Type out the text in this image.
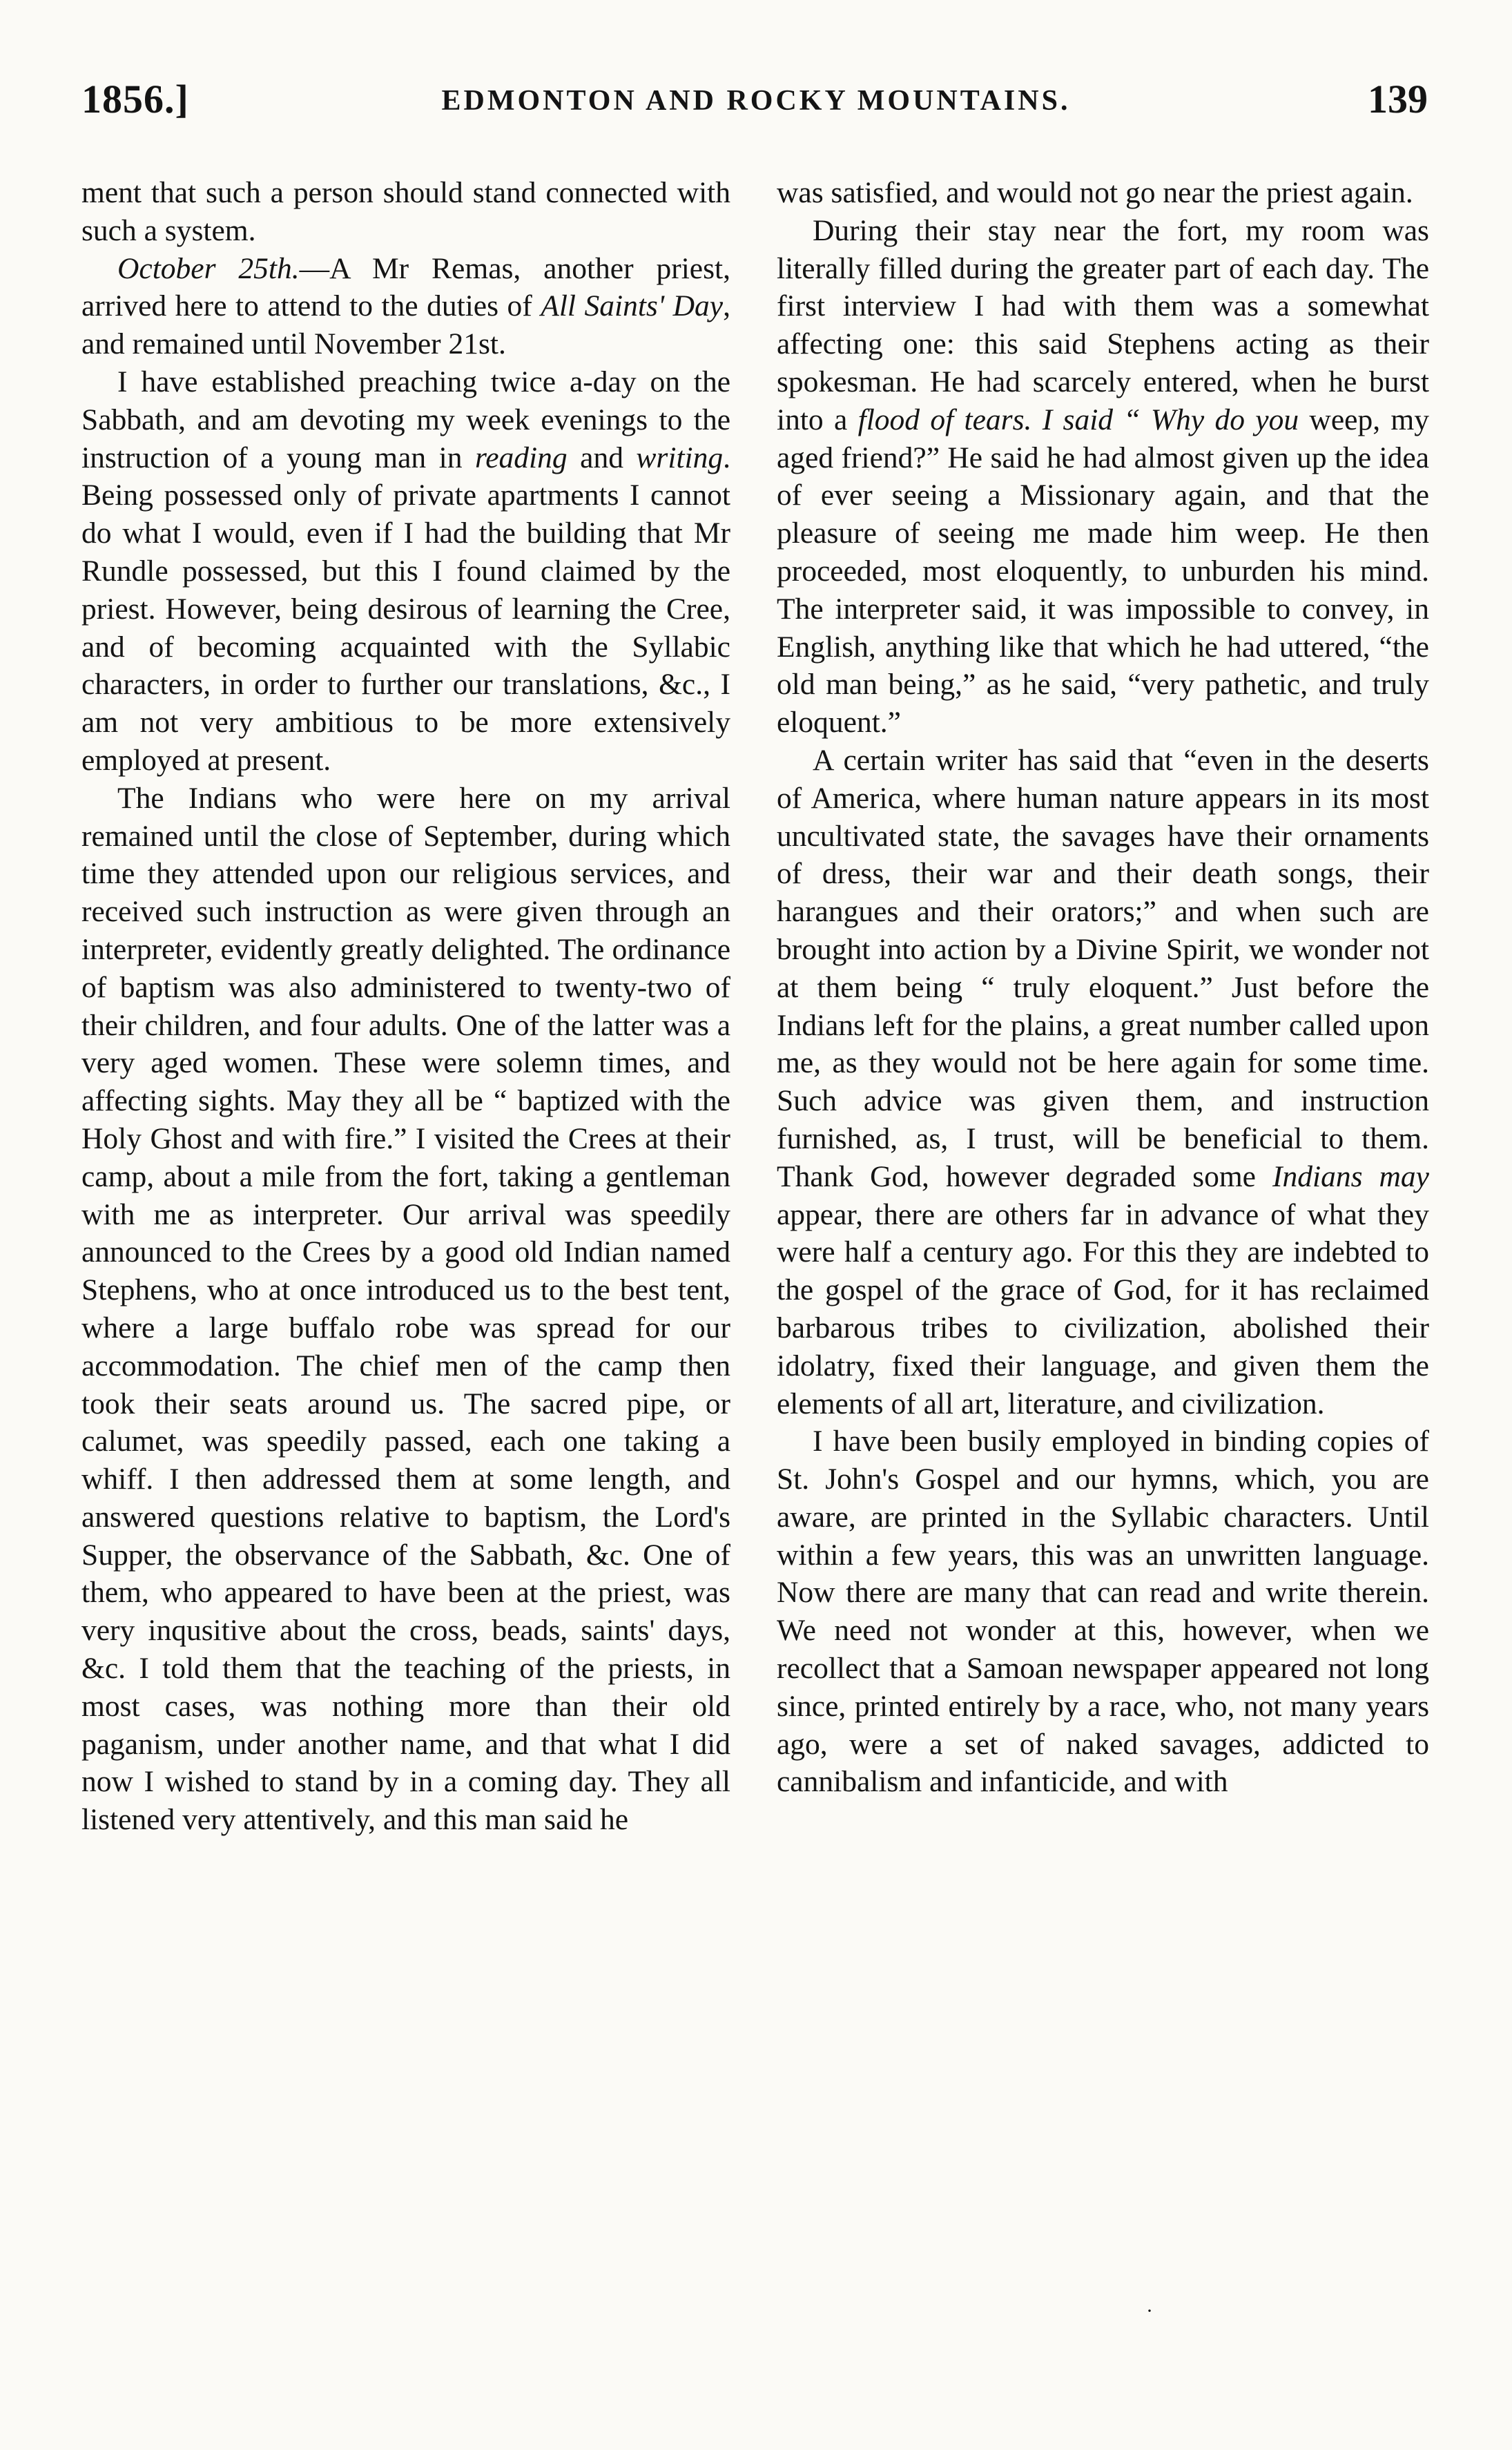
1856.]	EDMONTON AND ROCKY MOUNTAINS.	139

ment that such a person should stand connected with such a system.

October 25th.—A Mr Remas, another priest, arrived here to attend to the duties of All Saints' Day, and remained until November 21st.

I have established preaching twice a-day on the Sabbath, and am devoting my week evenings to the instruction of a young man in reading and writing. Being possessed only of private apartments I cannot do what I would, even if I had the building that Mr Rundle possessed, but this I found claimed by the priest. However, being desirous of learning the Cree, and of becoming acquainted with the Syllabic characters, in order to further our translations, &c., I am not very ambitious to be more extensively employed at present.

The Indians who were here on my arrival remained until the close of September, during which time they attended upon our religious services, and received such instruction as were given through an interpreter, evidently greatly delighted. The ordinance of baptism was also administered to twenty-two of their children, and four adults. One of the latter was a very aged women. These were solemn times, and affecting sights. May they all be “ baptized with the Holy Ghost and with fire.” I visited the Crees at their camp, about a mile from the fort, taking a gentleman with me as interpreter. Our arrival was speedily announced to the Crees by a good old Indian named Stephens, who at once introduced us to the best tent, where a large buffalo robe was spread for our accommodation. The chief men of the camp then took their seats around us. The sacred pipe, or calumet, was speedily passed, each one taking a whiff. I then addressed them at some length, and answered questions relative to baptism, the Lord's Supper, the observance of the Sabbath, &c. One of them, who appeared to have been at the priest, was very inqusitive about the cross, beads, saints' days, &c. I told them that the teaching of the priests, in most cases, was nothing more than their old paganism, under another name, and that what I did now I wished to stand by in a coming day. They all listened very attentively, and this man said he

was satisfied, and would not go near the priest again.

During their stay near the fort, my room was literally filled during the greater part of each day. The first interview I had with them was a somewhat affecting one: this said Stephens acting as their spokesman. He had scarcely entered, when he burst into a flood of tears. I said “ Why do you weep, my aged friend?” He said he had almost given up the idea of ever seeing a Missionary again, and that the pleasure of seeing me made him weep. He then proceeded, most eloquently, to unburden his mind. The interpreter said, it was impossible to convey, in English, anything like that which he had uttered, “the old man being,” as he said, “very pathetic, and truly eloquent.”

A certain writer has said that “even in the deserts of America, where human nature appears in its most uncultivated state, the savages have their ornaments of dress, their war and their death songs, their harangues and their orators;” and when such are brought into action by a Divine Spirit, we wonder not at them being “ truly eloquent.” Just before the Indians left for the plains, a great number called upon me, as they would not be here again for some time. Such advice was given them, and instruction furnished, as, I trust, will be beneficial to them. Thank God, however degraded some Indians may appear, there are others far in advance of what they were half a century ago. For this they are indebted to the gospel of the grace of God, for it has reclaimed barbarous tribes to civilization, abolished their idolatry, fixed their language, and given them the elements of all art, literature, and civilization.

I have been busily employed in binding copies of St. John's Gospel and our hymns, which, you are aware, are printed in the Syllabic characters. Until within a few years, this was an unwritten language. Now there are many that can read and write therein. We need not wonder at this, however, when we recollect that a Samoan newspaper appeared not long since, printed entirely by a race, who, not many years ago, were a set of naked savages, addicted to cannibalism and infanticide, and with

·
